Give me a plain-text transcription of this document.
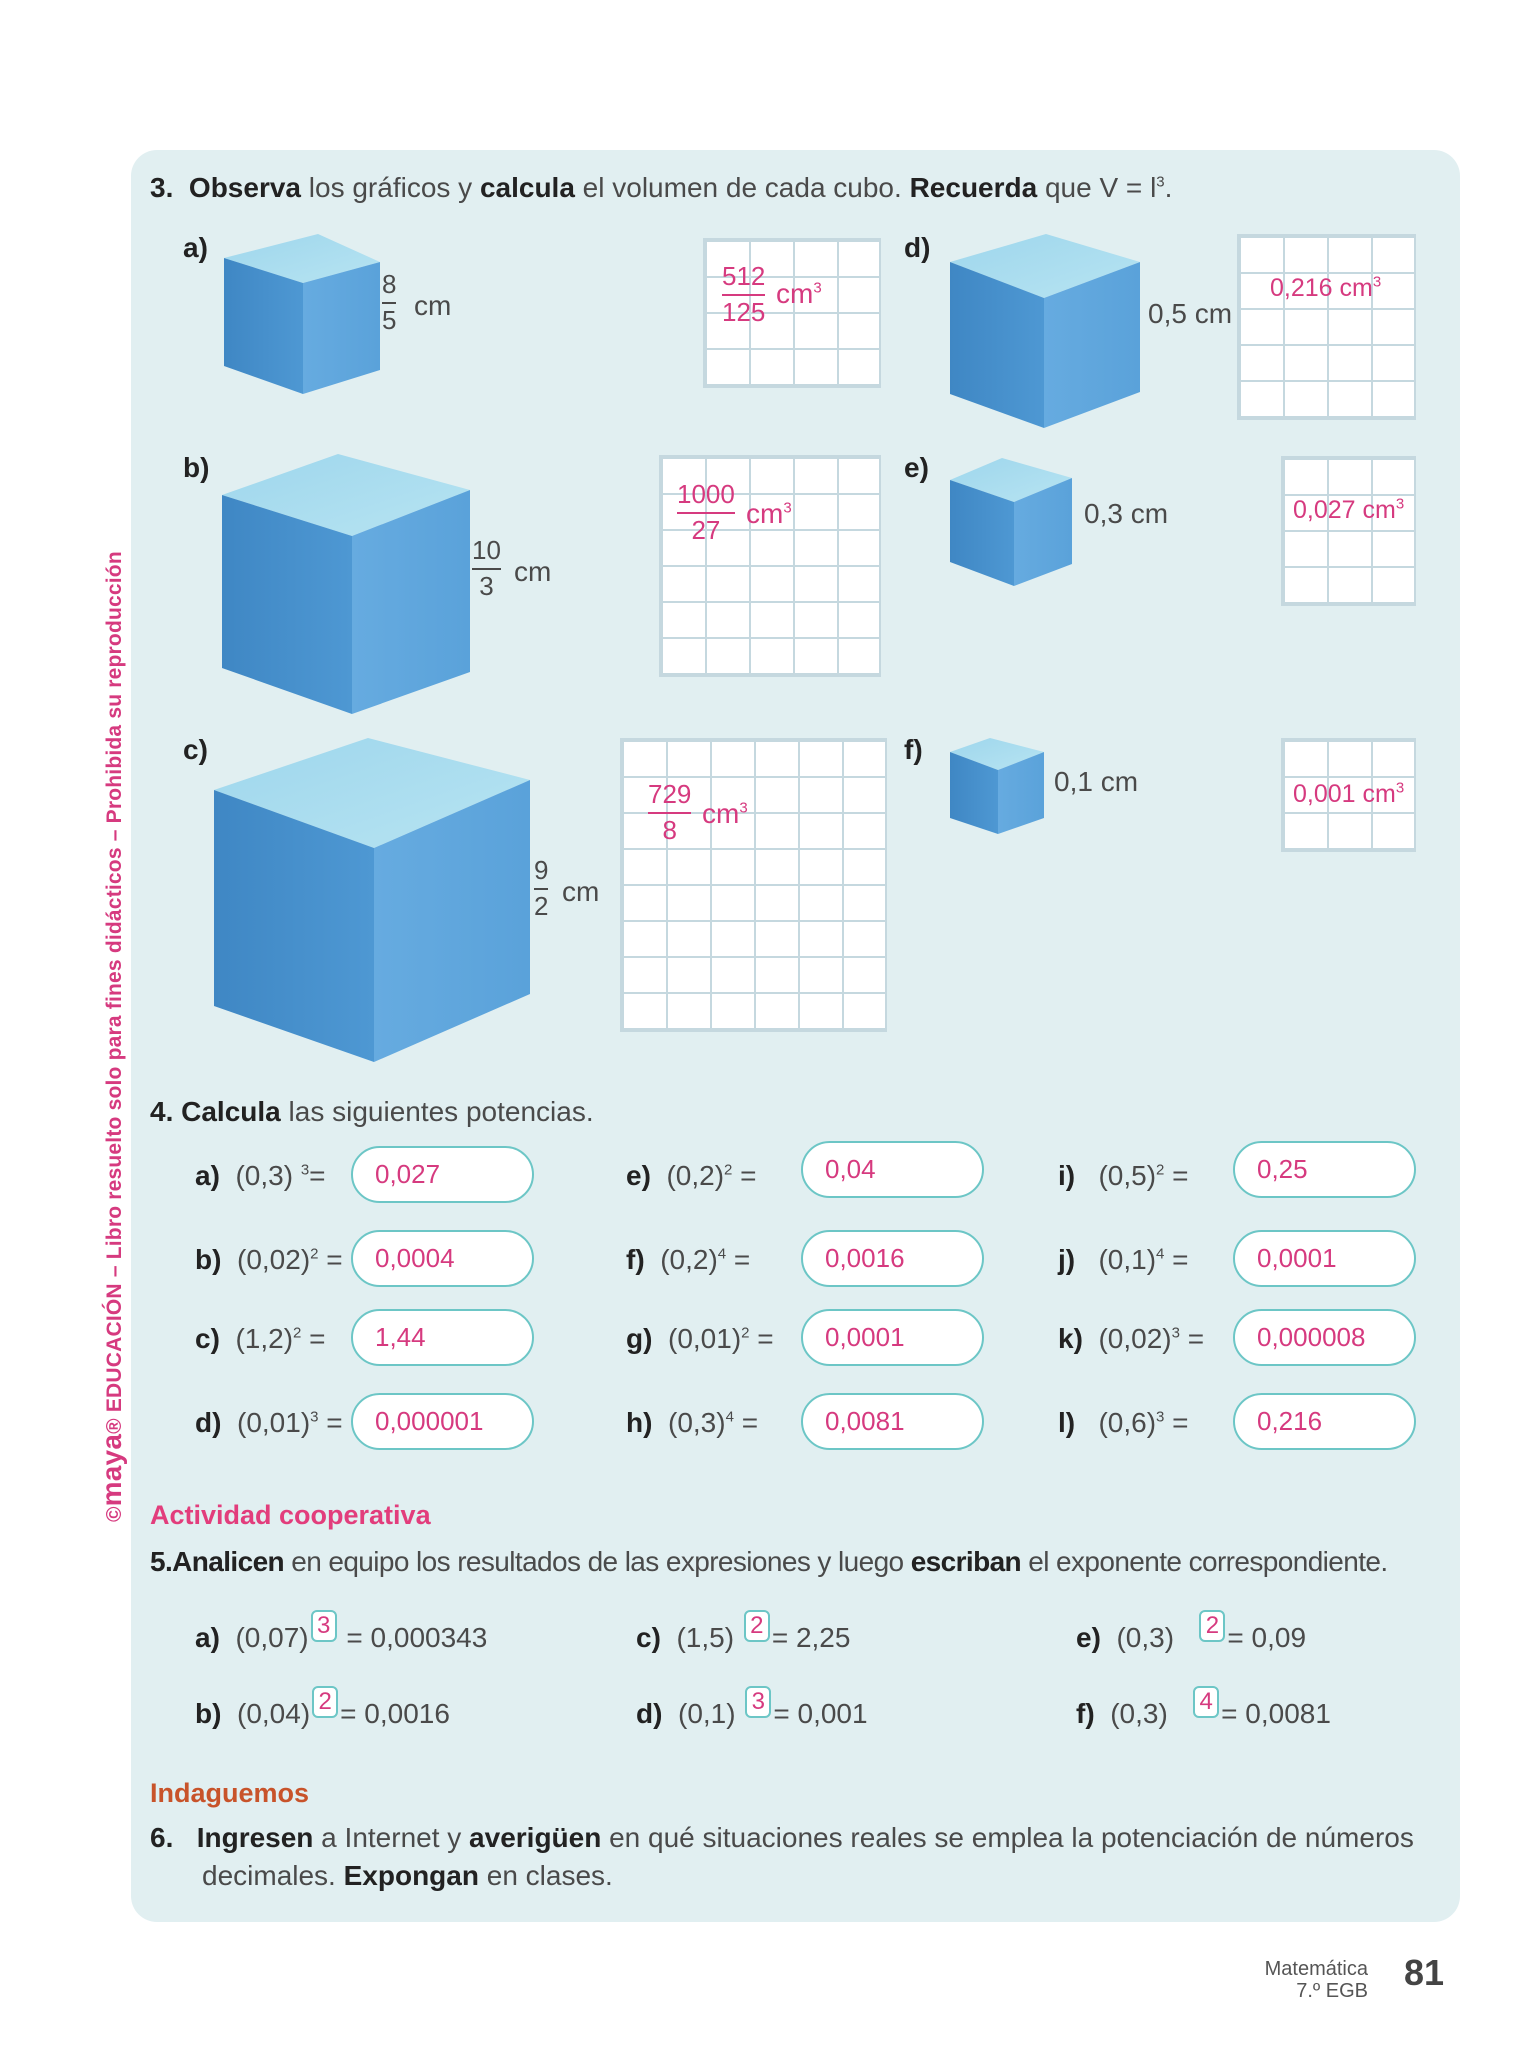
©maya® EDUCACIÓN – Libro resuelto solo para fines didácticos – Prohibida su reproducción
3. Observa los gráficos y calcula el volumen de cada cubo. Recuerda que $V = l^3$.
a)
b)
c)
d)
e)
f)
8
5 cm
10
3 cm
9
2 cm
0,5 cm
0,3 cm
0,1 cm
512
125
$cm^3$
1000
27
$cm^3$
729
8
$cm^3$
0,216 $cm^3$
0,027 $cm^3$
0,001 $cm^3$
4. Calcula las siguientes potencias.
a) (0,3) $^3$=	0,027
b) $(0,02)^2$ =	0,0004
c) $(1,2)^2$ =	1,44
d) $(0,01)^3$ =	0,000001
e) $(0,2)^2$ =	0,04
f) $(0,2)^4$ =	0,0016
g) $(0,01)^2$ =	0,0001
h) $(0,3)^4$ =	0,0081
i) $(0,5)^2$ =	0,25
j) $(0,1)^4$ =	0,0001
k) $(0,02)^3$ =	0,000008
l) $(0,6)^3$ =	0,216
Actividad cooperativa
5.Analicen en equipo los resultados de las expresiones y luego escriban el exponente correspondiente.
a) (0,07) 3 = 0,000343
b) (0,04) 2 = 0,0016
c) (1,5) 2 = 2,25
d) (0,1) 3 = 0,001
e) (0,3) 2 = 0,09
f) (0,3) 4 = 0,0081
Indaguemos
6. Ingresen a Internet y averigüen en qué situaciones reales se emplea la potenciación de números
decimales. Expongan en clases.
Matemática
7.º EGB 81
